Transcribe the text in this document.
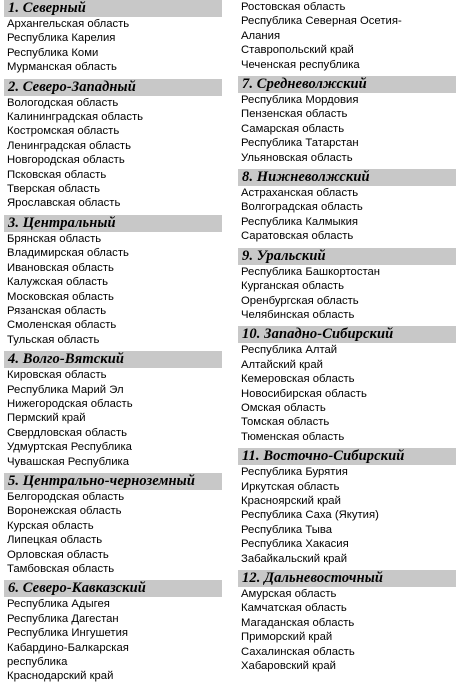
1. Северный
Архангельская область
Республика Карелия
Республика Коми
Мурманская область
2. Северо-Западный
Вологодская область
Калининградская область
Костромская область
Ленинградская область
Новгородская область
Псковская область
Тверская область
Ярославская область
3. Центральный
Брянская область
Владимирская область
Ивановская область
Калужская область
Московская область
Рязанская область
Смоленская область
Тульская область
4. Волго-Вятский
Кировская область
Республика Марий Эл
Нижегородская область
Пермский край
Свердловская область
Удмуртская Республика
Чувашская Республика
5. Центрально-черноземный
Белгородская область
Воронежская область
Курская область
Липецкая область
Орловская область
Тамбовская область
6. Северо-Кавказский
Республика Адыгея
Республика Дагестан
Республика Ингушетия
Кабардино-Балкарская
республика
Краснодарский край
Ростовская область
Республика Северная Осетия-
Алания
Ставропольский край
Чеченская республика
7. Средневолжский
Республика Мордовия
Пензенская область
Самарская область
Республика Татарстан
Ульяновская область
8. Нижневолжский
Астраханская область
Волгоградская область
Республика Калмыкия
Саратовская область
9. Уральский
Республика Башкортостан
Курганская область
Оренбургская область
Челябинская область
10. Западно-Сибирский
Республика Алтай
Алтайский край
Кемеровская область
Новосибирская область
Омская область
Томская область
Тюменская область
11. Восточно-Сибирский
Республика Бурятия
Иркутская область
Красноярский край
Республика Саха (Якутия)
Республика Тыва
Республика Хакасия
Забайкальский край
12. Дальневосточный
Амурская область
Камчатская область
Магаданская область
Приморский край
Сахалинская область
Хабаровский край
